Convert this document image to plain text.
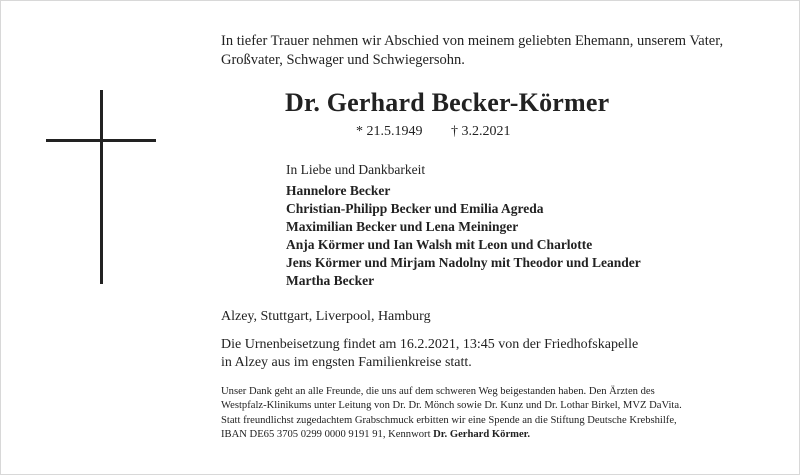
In tiefer Trauer nehmen wir Abschied von meinem geliebten Ehemann, unserem Vater,
Großvater, Schwager und Schwiegersohn.
Dr. Gerhard Becker-Körmer
* 21.5.1949 † 3.2.2021
In Liebe und Dankbarkeit
Hannelore Becker
Christian-Philipp Becker und Emilia Agreda
Maximilian Becker und Lena Meininger
Anja Körmer und Ian Walsh mit Leon und Charlotte
Jens Körmer und Mirjam Nadolny mit Theodor und Leander
Martha Becker
Alzey, Stuttgart, Liverpool, Hamburg
Die Urnenbeisetzung findet am 16.2.2021, 13:45 von der Friedhofskapelle
in Alzey aus im engsten Familienkreise statt.
Unser Dank geht an alle Freunde, die uns auf dem schweren Weg beigestanden haben. Den Ärzten des
Westpfalz-Klinikums unter Leitung von Dr. Dr. Mönch sowie Dr. Kunz und Dr. Lothar Birkel, MVZ DaVita.
Statt freundlichst zugedachtem Grabschmuck erbitten wir eine Spende an die Stiftung Deutsche Krebshilfe,
IBAN DE65 3705 0299 0000 9191 91, Kennwort Dr. Gerhard Körmer.
